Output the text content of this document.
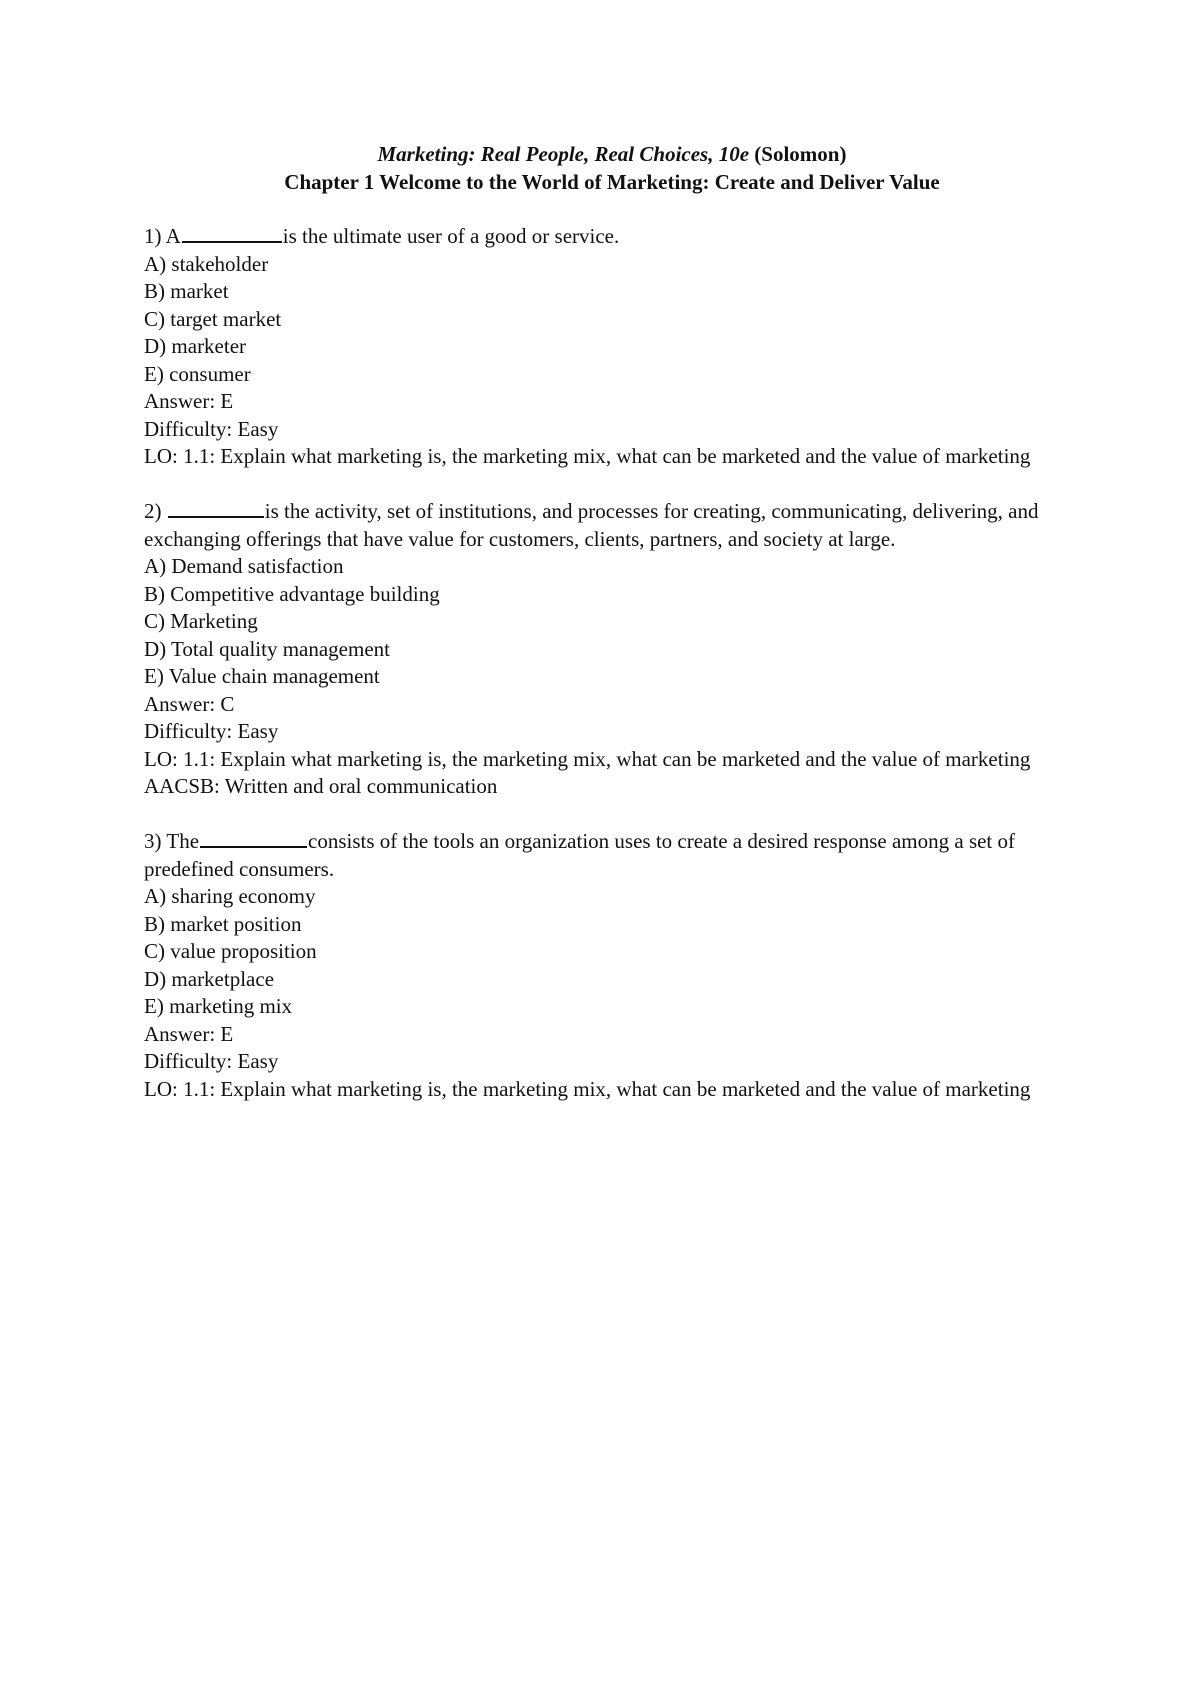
Marketing: Real People, Real Choices, 10e (Solomon)
Chapter 1 Welcome to the World of Marketing: Create and Deliver Value
1) A	is the ultimate user of a good or service.
A) stakeholder
B) market
C) target market
D) marketer
E) consumer
Answer: E
Difficulty: Easy
LO: 1.1: Explain what marketing is, the marketing mix, what can be marketed and the value of marketing
2)	is the activity, set of institutions, and processes for creating, communicating, delivering, and exchanging offerings that have value for customers, clients, partners, and society at large.
A) Demand satisfaction
B) Competitive advantage building
C) Marketing
D) Total quality management
E) Value chain management
Answer: C
Difficulty: Easy
LO: 1.1: Explain what marketing is, the marketing mix, what can be marketed and the value of marketing
AACSB: Written and oral communication
3) The	consists of the tools an organization uses to create a desired response among a set of predefined consumers.
A) sharing economy
B) market position
C) value proposition
D) marketplace
E) marketing mix
Answer: E
Difficulty: Easy
LO: 1.1: Explain what marketing is, the marketing mix, what can be marketed and the value of marketing
